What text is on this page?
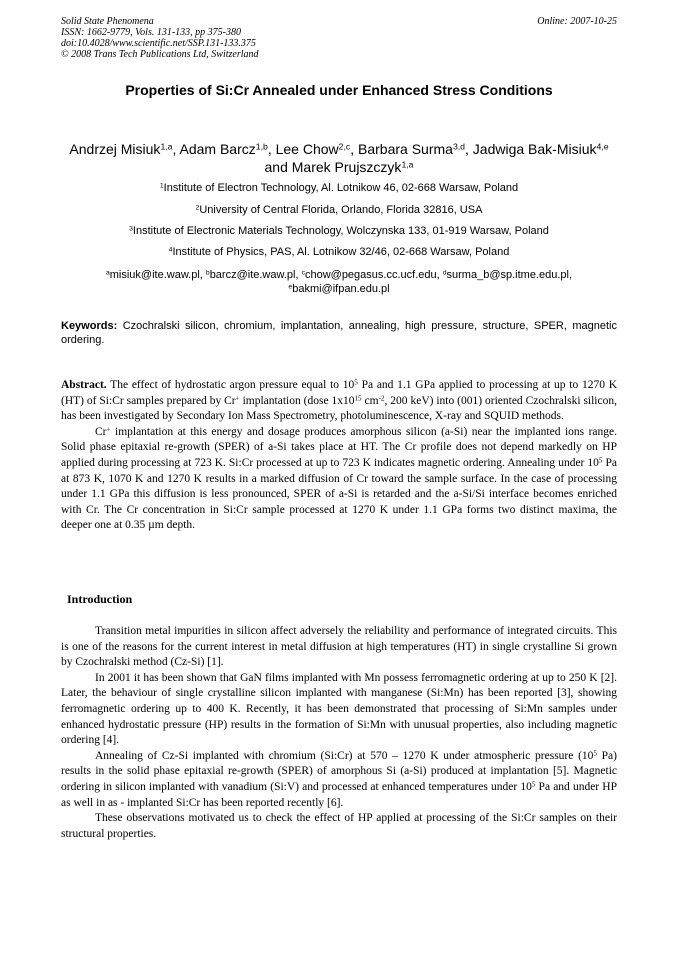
Solid State Phenomena
ISSN: 1662-9779, Vols. 131-133, pp 375-380
doi:10.4028/www.scientific.net/SSP.131-133.375
© 2008 Trans Tech Publications Ltd, Switzerland
Online: 2007-10-25
Properties of Si:Cr Annealed under Enhanced Stress Conditions
Andrzej Misiuk$^{1,a}$, Adam Barcz$^{1,b}$, Lee Chow$^{2,c}$, Barbara Surma$^{3,d}$, Jadwiga Bak-Misiuk$^{4,e}$ and Marek Prujszczyk$^{1,a}$
$^1$Institute of Electron Technology, Al. Lotnikow 46, 02-668 Warsaw, Poland
$^2$University of Central Florida, Orlando, Florida 32816, USA
$^3$Institute of Electronic Materials Technology, Wolczynska 133, 01-919 Warsaw, Poland
$^4$Institute of Physics, PAS, Al. Lotnikow 32/46, 02-668 Warsaw, Poland
$^a$misiuk@ite.waw.pl, $^b$barcz@ite.waw.pl, $^c$chow@pegasus.cc.ucf.edu, $^d$surma_b@sp.itme.edu.pl,
$^e$bakmi@ifpan.edu.pl
Keywords: Czochralski silicon, chromium, implantation, annealing, high pressure, structure, SPER, magnetic ordering.

Abstract. The effect of hydrostatic argon pressure equal to $10^5$ Pa and 1.1 GPa applied to processing at up to 1270 K (HT) of Si:Cr samples prepared by Cr+ implantation (dose $1x10^{15}$ $cm^{-2}$, 200 keV) into (001) oriented Czochralski silicon, has been investigated by Secondary Ion Mass Spectrometry, photoluminescence, X-ray and SQUID methods.

Cr+ implantation at this energy and dosage produces amorphous silicon (a-Si) near the implanted ions range. Solid phase epitaxial re-growth (SPER) of a-Si takes place at HT. The Cr profile does not depend markedly on HP applied during processing at 723 K. Si:Cr processed at up to 723 K indicates magnetic ordering. Annealing under $10^5$ Pa at 873 K, 1070 K and 1270 K results in a marked diffusion of Cr toward the sample surface. In the case of processing under 1.1 GPa this diffusion is less pronounced, SPER of a-Si is retarded and the a-Si/Si interface becomes enriched with Cr. The Cr concentration in Si:Cr sample processed at 1270 K under 1.1 GPa forms two distinct maxima, the deeper one at 0.35 µm depth.

Introduction

Transition metal impurities in silicon affect adversely the reliability and performance of integrated circuits. This is one of the reasons for the current interest in metal diffusion at high temperatures (HT) in single crystalline Si grown by Czochralski method (Cz-Si) [1].

In 2001 it has been shown that GaN films implanted with Mn possess ferromagnetic ordering at up to 250 K [2]. Later, the behaviour of single crystalline silicon implanted with manganese (Si:Mn) has been reported [3], showing ferromagnetic ordering up to 400 K. Recently, it has been demonstrated that processing of Si:Mn samples under enhanced hydrostatic pressure (HP) results in the formation of Si:Mn with unusual properties, also including magnetic ordering [4].

Annealing of Cz-Si implanted with chromium (Si:Cr) at 570 – 1270 K under atmospheric pressure ($10^5$ Pa) results in the solid phase epitaxial re-growth (SPER) of amorphous Si (a-Si) produced at implantation [5]. Magnetic ordering in silicon implanted with vanadium (Si:V) and processed at enhanced temperatures under $10^5$ Pa and under HP as well in as - implanted Si:Cr has been reported recently [6].

These observations motivated us to check the effect of HP applied at processing of the Si:Cr samples on their structural properties.
